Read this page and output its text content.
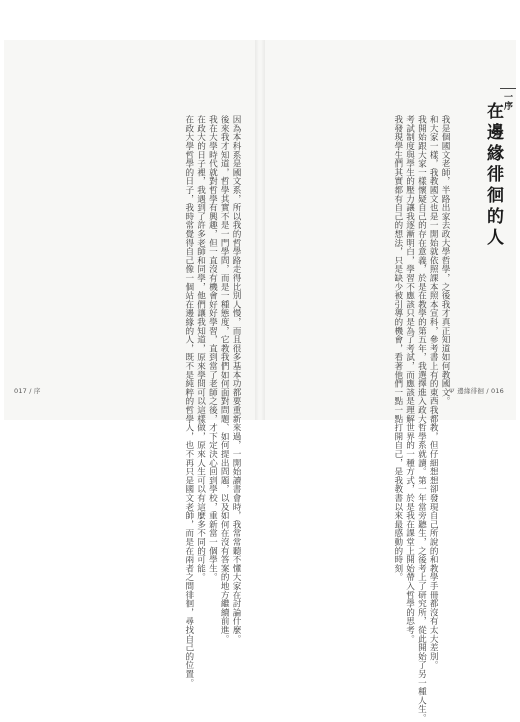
因為本科系是國文系，所以我的哲學路走得比別人慢，而且很多基本功都要重新來過，一開始讀書會時，我常常聽不懂大家在討論什麼。

後來我才知道，哲學其實不是一門學問，而是一種態度，它教我們如何面對問題、如何提出問題，以及如何在沒有答案的地方繼續前進。

我在大學時代就對哲學有興趣，但一直沒有機會好好學習，直到當了老師之後，才下定決心回到學校，重新當一個學生。

在政大的日子裡，我遇到了許多老師和同學，他們讓我知道，原來學問可以這樣做，原來人生可以有這麼多不同的可能。

在政大學哲學的日子，我時常覺得自己像一個站在邊緣的人，既不是純粹的哲學人，也不再只是國文老師，而是在兩者之間徘徊，尋找自己的位置。

017 / 序
一序
在邊緣徘徊的人

我是個國文老師，半路出家去政大學哲學，之後我才真正知道如何教國文。

和大家一樣，我教國文也是一開始就依照課本照本宣科，參考書上有的東西我都教，但仔細想想卻發現自己所說的和教學手冊都沒有太大差別。

我開始跟大家一樣懷疑自己的存在意義，於是在教學的第五年，我選擇進入政大哲學系就讀。第一年當旁聽生，之後考上了研究所，從此開始了另一種人生。

考試制度與學生的壓力讓我逐漸明白，學習不應該只是為了考試，而應該是理解世界的一種方式，於是我在課堂上開始帶入哲學的思考。

我發現學生們其實都有自己的想法，只是缺少被引導的機會，看著他們一點一點打開自己，是我教書以來最感動的時刻。	Ψ 邊緣徘徊 / 016
